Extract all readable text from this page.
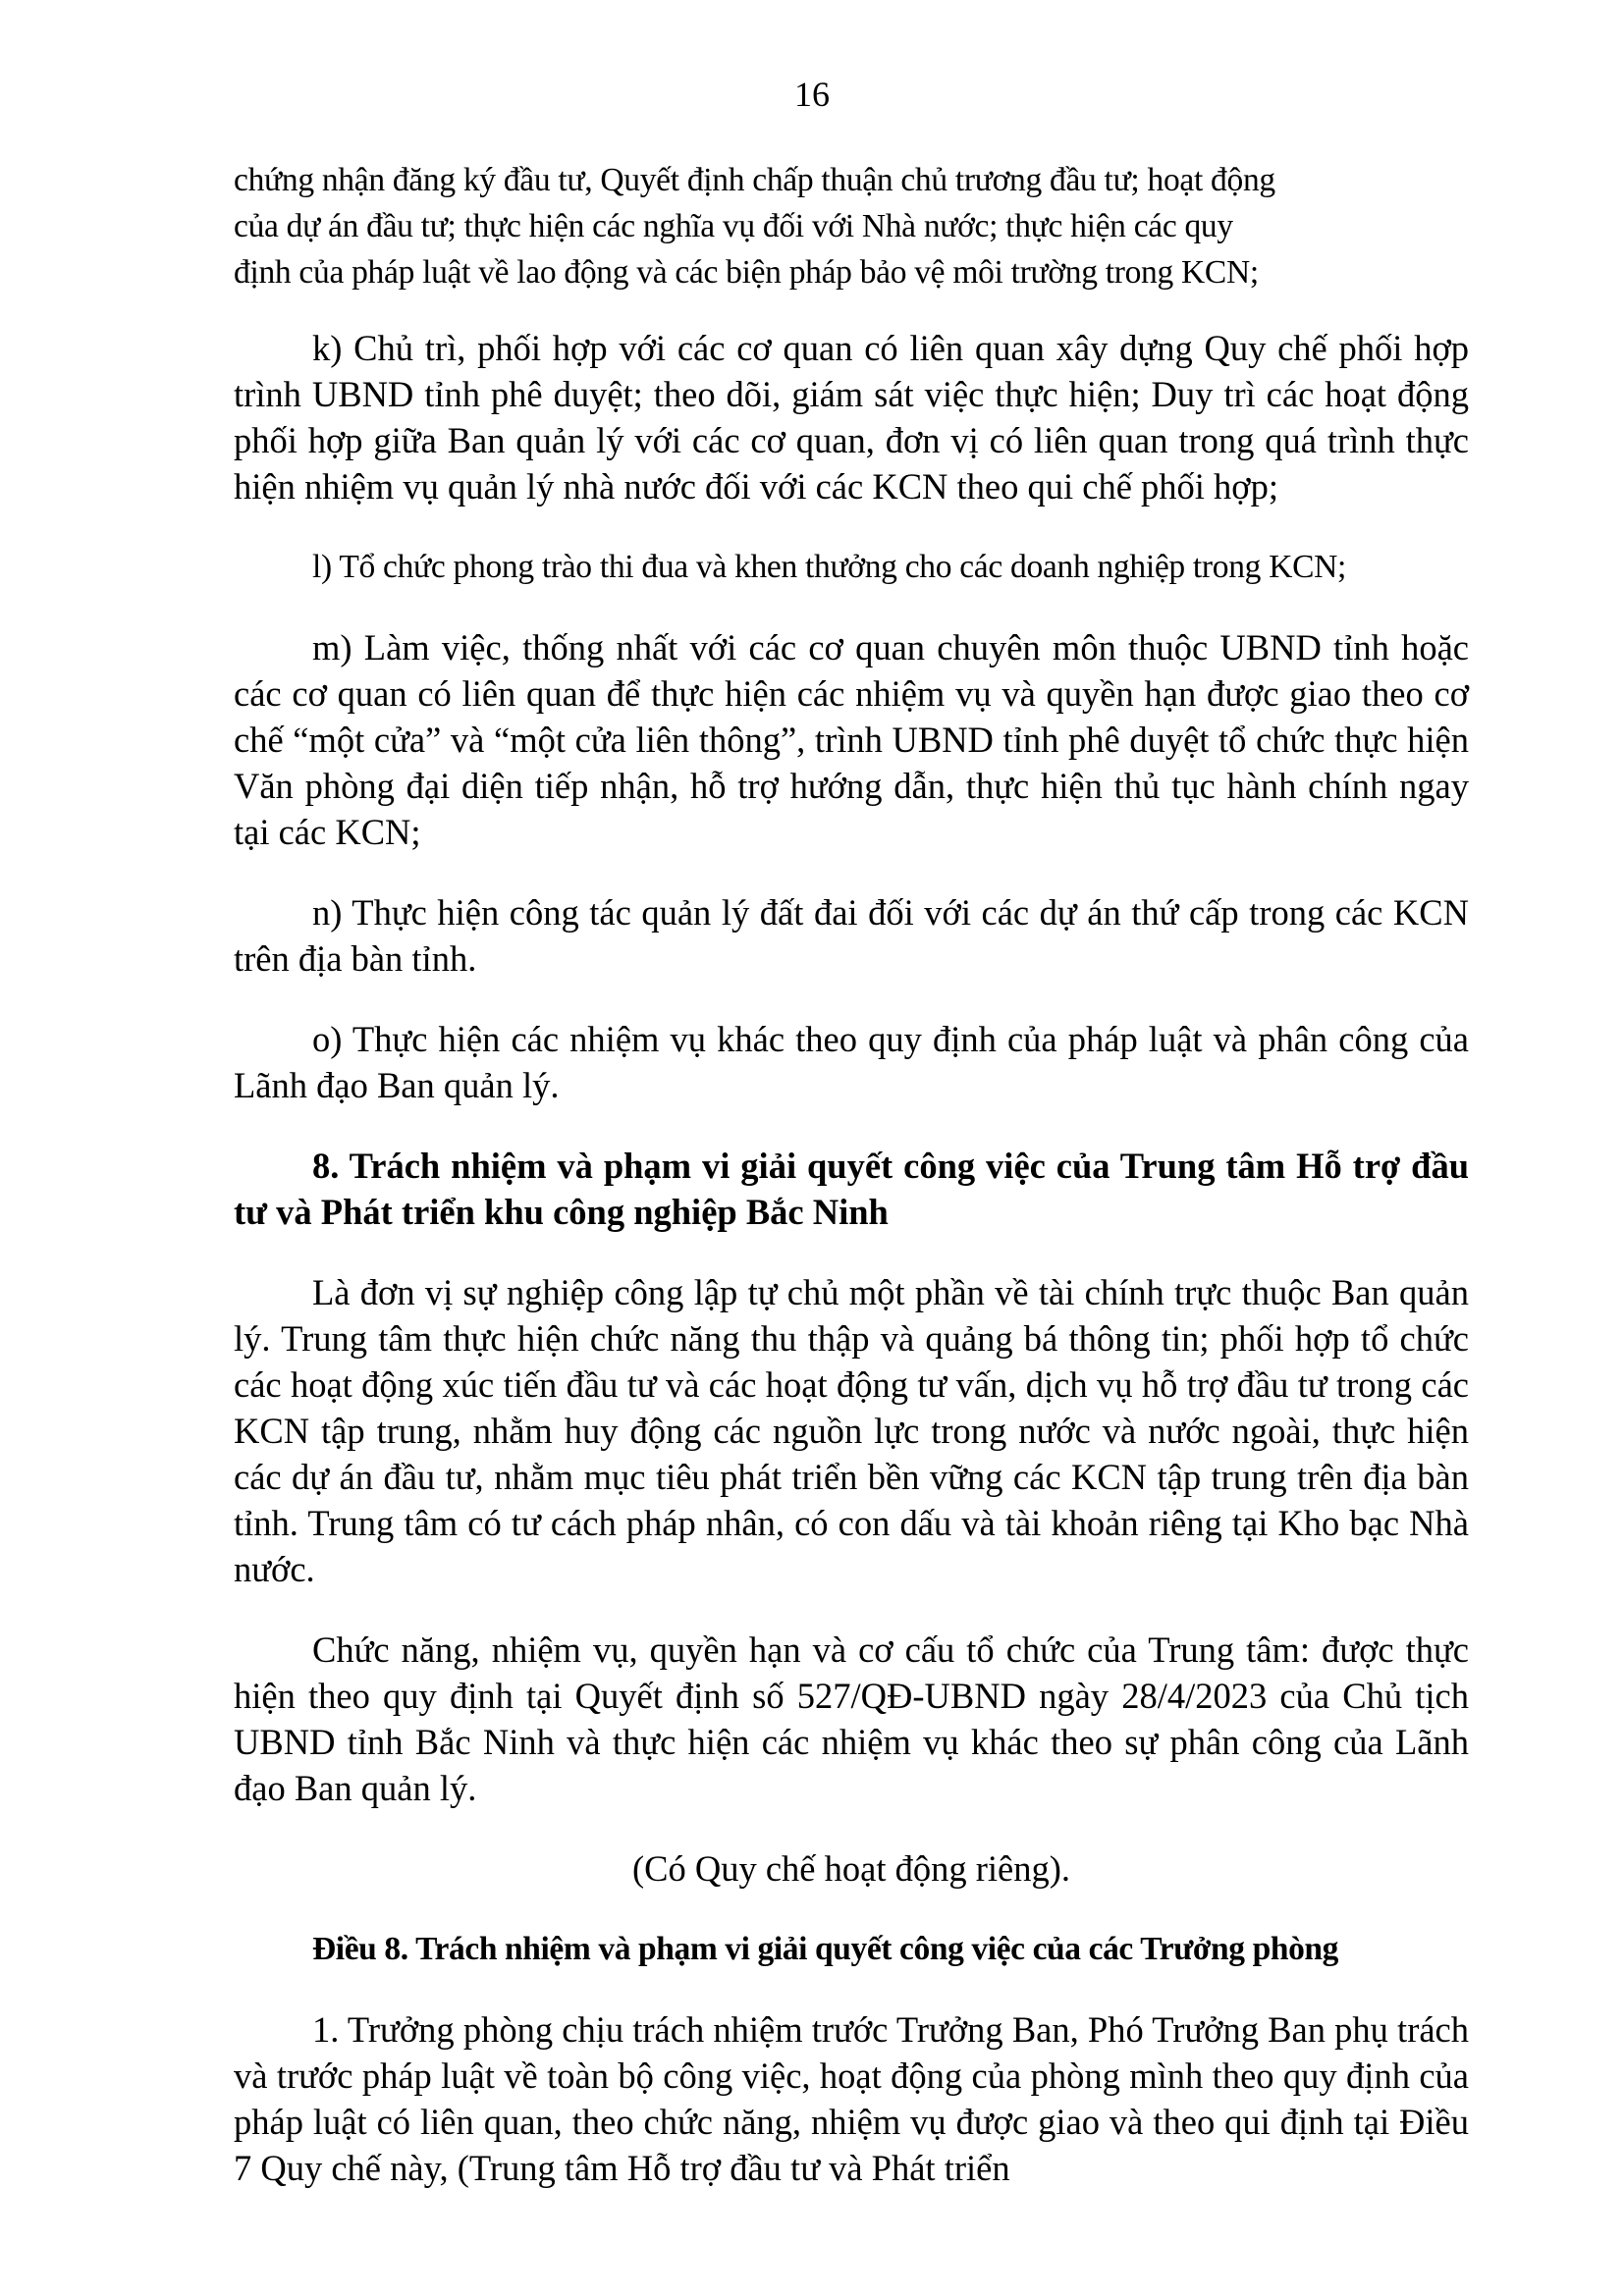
16

chứng nhận đăng ký đầu tư, Quyết định chấp thuận chủ trương đầu tư; hoạt động
của dự án đầu tư; thực hiện các nghĩa vụ đối với Nhà nước; thực hiện các quy
định của pháp luật về lao động và các biện pháp bảo vệ môi trường trong KCN;

k) Chủ trì, phối hợp với các cơ quan có liên quan xây dựng Quy chế phối hợp trình UBND tỉnh phê duyệt; theo dõi, giám sát việc thực hiện; Duy trì các hoạt động phối hợp giữa Ban quản lý với các cơ quan, đơn vị có liên quan trong quá trình thực hiện nhiệm vụ quản lý nhà nước đối với các KCN theo qui chế phối hợp;

l) Tổ chức phong trào thi đua và khen thưởng cho các doanh nghiệp trong KCN;

m) Làm việc, thống nhất với các cơ quan chuyên môn thuộc UBND tỉnh hoặc các cơ quan có liên quan để thực hiện các nhiệm vụ và quyền hạn được giao theo cơ chế “một cửa” và “một cửa liên thông”, trình UBND tỉnh phê duyệt tổ chức thực hiện Văn phòng đại diện tiếp nhận, hỗ trợ hướng dẫn, thực hiện thủ tục hành chính ngay tại các KCN;

n) Thực hiện công tác quản lý đất đai đối với các dự án thứ cấp trong các KCN trên địa bàn tỉnh.

o) Thực hiện các nhiệm vụ khác theo quy định của pháp luật và phân công của Lãnh đạo Ban quản lý.

8. Trách nhiệm và phạm vi giải quyết công việc của Trung tâm Hỗ trợ đầu tư và Phát triển khu công nghiệp Bắc Ninh

Là đơn vị sự nghiệp công lập tự chủ một phần về tài chính trực thuộc Ban quản lý. Trung tâm thực hiện chức năng thu thập và quảng bá thông tin; phối hợp tổ chức các hoạt động xúc tiến đầu tư và các hoạt động tư vấn, dịch vụ hỗ trợ đầu tư trong các KCN tập trung, nhằm huy động các nguồn lực trong nước và nước ngoài, thực hiện các dự án đầu tư, nhằm mục tiêu phát triển bền vững các KCN tập trung trên địa bàn tỉnh. Trung tâm có tư cách pháp nhân, có con dấu và tài khoản riêng tại Kho bạc Nhà nước.

Chức năng, nhiệm vụ, quyền hạn và cơ cấu tổ chức của Trung tâm: được thực hiện theo quy định tại Quyết định số 527/QĐ-UBND ngày 28/4/2023 của Chủ tịch UBND tỉnh Bắc Ninh và thực hiện các nhiệm vụ khác theo sự phân công của Lãnh đạo Ban quản lý.

(Có Quy chế hoạt động riêng).

Điều 8. Trách nhiệm và phạm vi giải quyết công việc của các Trưởng phòng

1. Trưởng phòng chịu trách nhiệm trước Trưởng Ban, Phó Trưởng Ban phụ trách và trước pháp luật về toàn bộ công việc, hoạt động của phòng mình theo quy định của pháp luật có liên quan, theo chức năng, nhiệm vụ được giao và theo qui định tại Điều 7 Quy chế này, (Trung tâm Hỗ trợ đầu tư và Phát triển
